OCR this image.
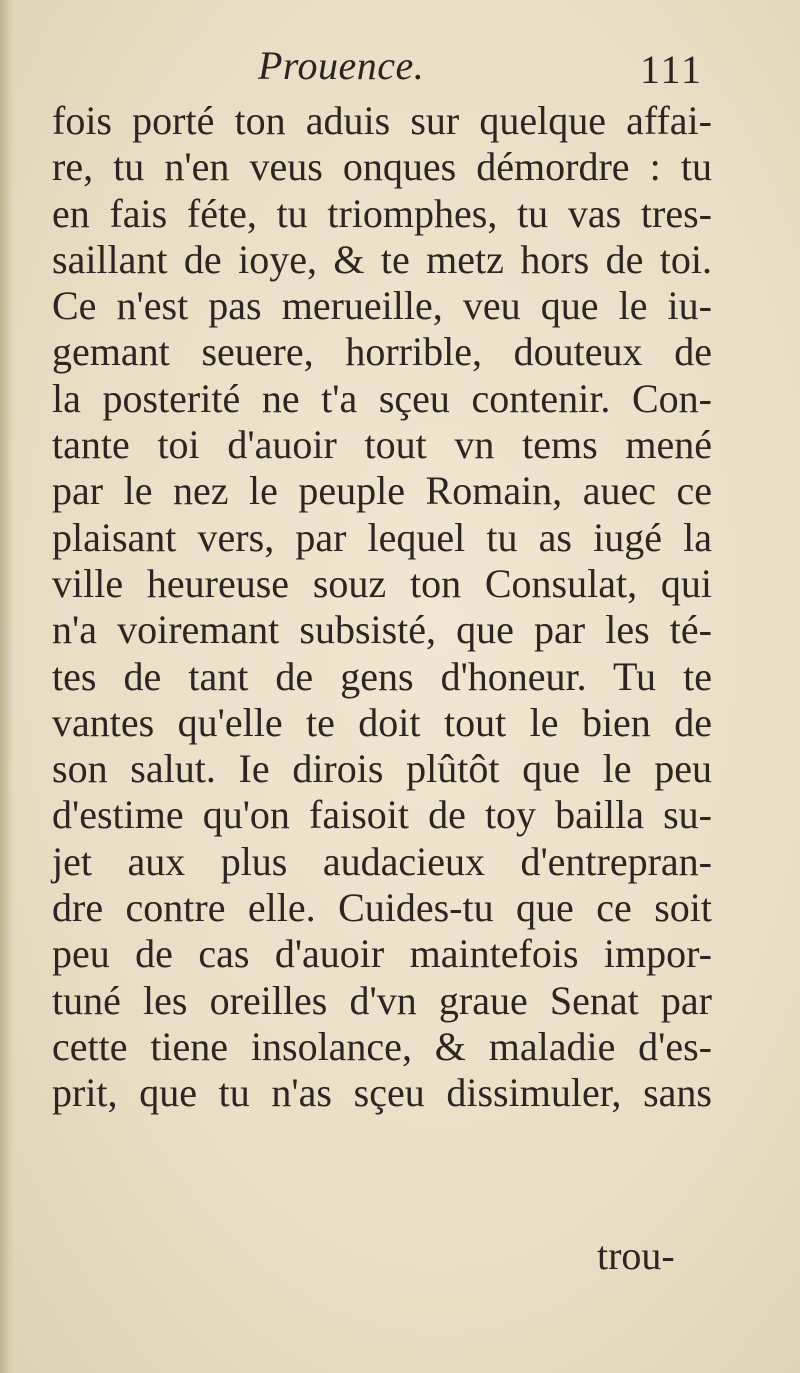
Prouence.	111
fois porté ton aduis sur quelque affai-
re, tu n'en veus onques démordre : tu
en fais féte, tu triomphes, tu vas tres-
saillant de ioye, & te metz hors de toi.
Ce n'est pas merueille, veu que le iu-
gemant seuere, horrible, douteux de
la posterité ne t'a sçeu contenir. Con-
tante toi d'auoir tout vn tems mené
par le nez le peuple Romain, auec ce
plaisant vers, par lequel tu as iugé la
ville heureuse souz ton Consulat, qui
n'a voiremant subsisté, que par les té-
tes de tant de gens d'honeur. Tu te
vantes qu'elle te doit tout le bien de
son salut. Ie dirois plûtôt que le peu
d'estime qu'on faisoit de toy bailla su-
jet aux plus audacieux d'entrepran-
dre contre elle. Cuides-tu que ce soit
peu de cas d'auoir maintefois impor-
tuné les oreilles d'vn graue Senat par
cette tiene insolance, & maladie d'es-
prit, que tu n'as sçeu dissimuler, sans
trou-
